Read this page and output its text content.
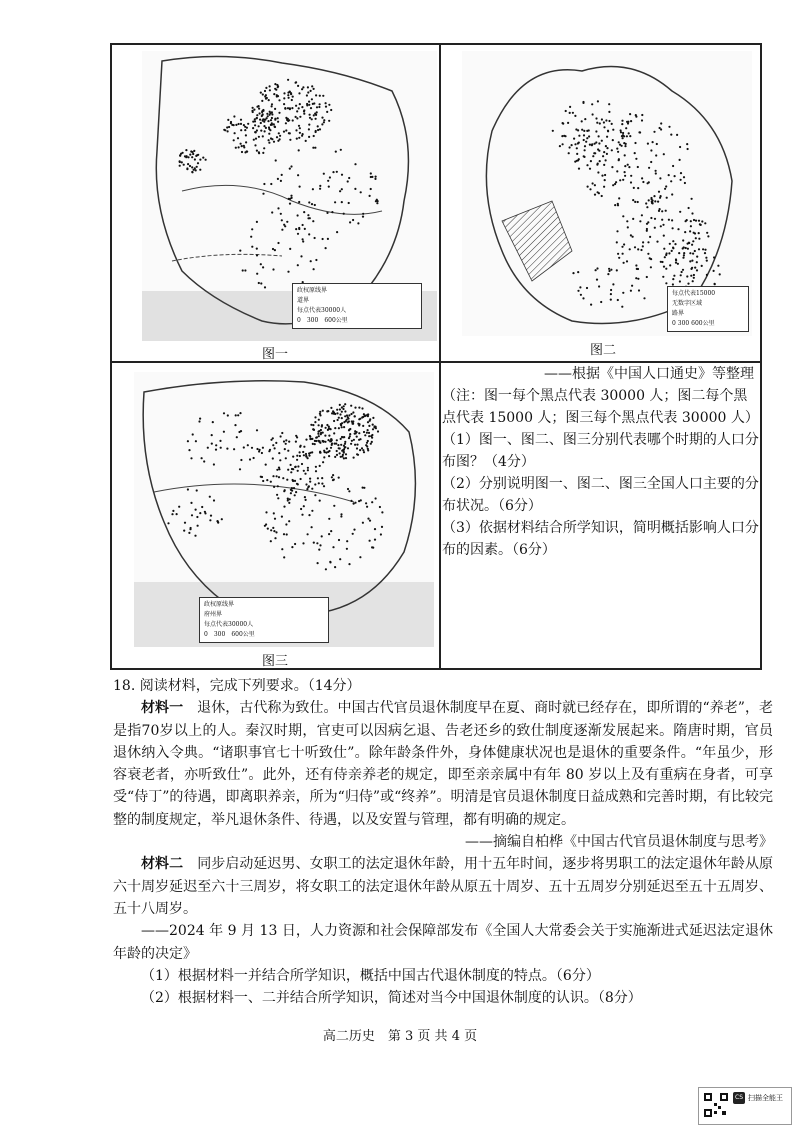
政权原线界
道界
每点代表30000人
0　 300　 600公里
图一
每点代表15000
无数字区域
路界
0 300 600公里
图二
政权原线界
府州界
每点代表30000人
0　 300　 600公里
图三

——根据《中国人口通史》等整理

（注：图一每个黑点代表 30000 人；图二每个黑点代表 15000 人；图三每个黑点代表 30000 人）

（1）图一、图二、图三分别代表哪个时期的人口分布图？（4分）

（2）分别说明图一、图二、图三全国人口主要的分布状况。（6分）

（3）依据材料结合所学知识，简明概括影响人口分布的因素。（6分）

18. 阅读材料，完成下列要求。（14分）

材料一　 退休，古代称为致仕。中国古代官员退休制度早在夏、商时就已经存在，即所谓的“养老”，老是指70岁以上的人。秦汉时期，官吏可以因病乞退、告老还乡的致仕制度逐渐发展起来。隋唐时期，官员退休纳入令典。“诸职事官七十听致仕”。除年龄条件外，身体健康状况也是退休的重要条件。“年虽少，形容衰老者，亦听致仕”。此外，还有侍亲养老的规定，即至亲亲属中有年 80 岁以上及有重病在身者，可享受“侍丁”的待遇，即离职养亲，所为“归侍”或“终养”。明清是官员退休制度日益成熟和完善时期，有比较完整的制度规定，举凡退休条件、待遇，以及安置与管理，都有明确的规定。

——摘编自柏桦《中国古代官员退休制度与思考》

材料二　 同步启动延迟男、女职工的法定退休年龄，用十五年时间，逐步将男职工的法定退休年龄从原六十周岁延迟至六十三周岁，将女职工的法定退休年龄从原五十周岁、五十五周岁分别延迟至五十五周岁、五十八周岁。

——2024 年 9 月 13 日，人力资源和社会保障部发布《全国人大常委会关于实施渐进式延迟法定退休年龄的决定》

（1）根据材料一并结合所学知识，概括中国古代退休制度的特点。（6分）

（2）根据材料一、二并结合所学知识，简述对当今中国退休制度的认识。（8分）

高二历史　第 3 页 共 4 页
CS 扫描全能王
